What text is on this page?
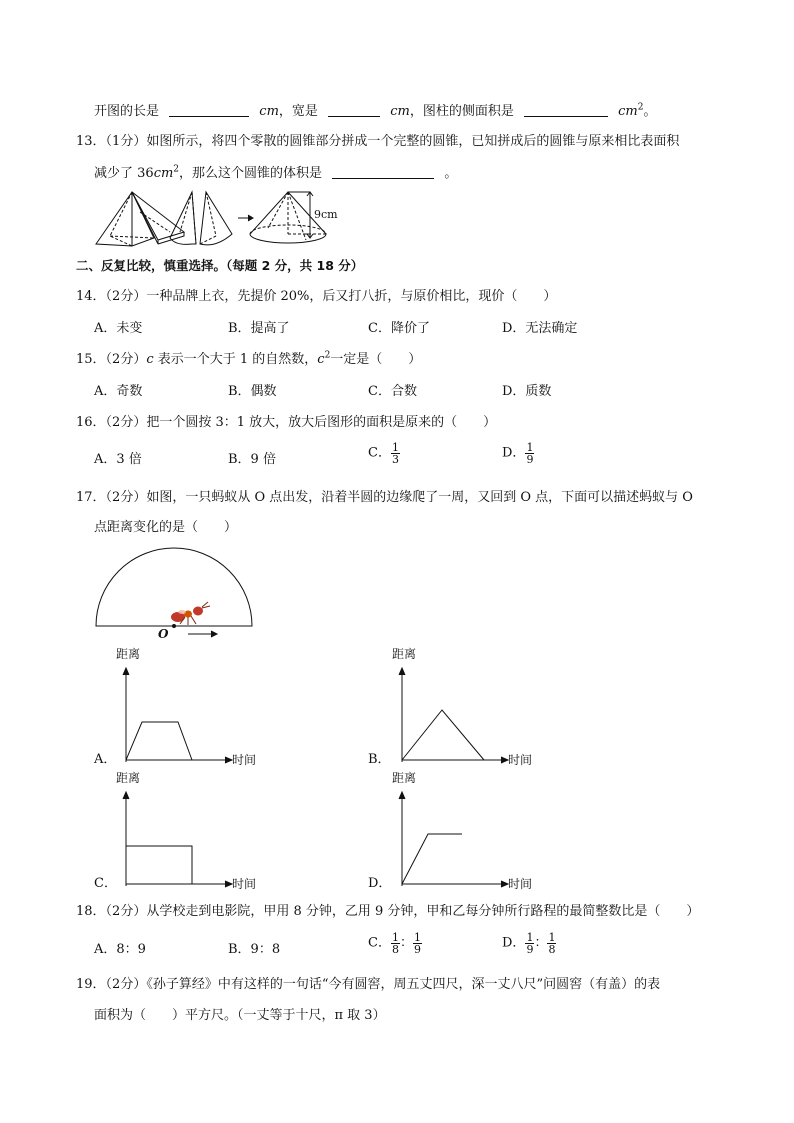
开图的长是	cm，宽是	cm，图柱的侧面积是	$cm^2$。
13．（1分）如图所示，将四个零散的圆锥部分拼成一个完整的圆锥，已知拼成后的圆锥与原来相比表面积
减少了 $36cm^2$，那么这个圆锥的体积是	。
9cm
二、反复比较，慎重选择。（每题 2 分，共 18 分）
14．（2分）一种品牌上衣，先提价 20%，后又打八折，与原价相比，现价（　　）
A．未变	B．提高了	C．降价了	D．无法确定
15．（2分）c 表示一个大于 1 的自然数，$c^2$一定是（　　）
A．奇数	B．偶数	C．合数	D．质数
16．（2分）把一个圆按 3：1 放大，放大后图形的面积是原来的（　　）
A．3 倍	B．9 倍	C． $\frac{1}{3}$	D． $\frac{1}{9}$
17．（2分）如图，一只蚂蚁从 O 点出发，沿着半圆的边缘爬了一周，又回到 O 点，下面可以描述蚂蚁与 O
点距离变化的是（　　）
O
A．	B．
C．	D．
距离
时间
距离
时间
距离
时间
距离
时间
18．（2分）从学校走到电影院，甲用 8 分钟，乙用 9 分钟，甲和乙每分钟所行路程的最简整数比是（　　）
A．8：9	B．9：8	C． $\frac{1}{8}$ ： $\frac{1}{9}$	D． $\frac{1}{9}$ ： $\frac{1}{8}$
19．（2分）《孙子算经》中有这样的一句话“今有圆窖，周五丈四尺，深一丈八尺”问圆窖（有盖）的表
面积为（　　）平方尺。（一丈等于十尺，π 取 3）
